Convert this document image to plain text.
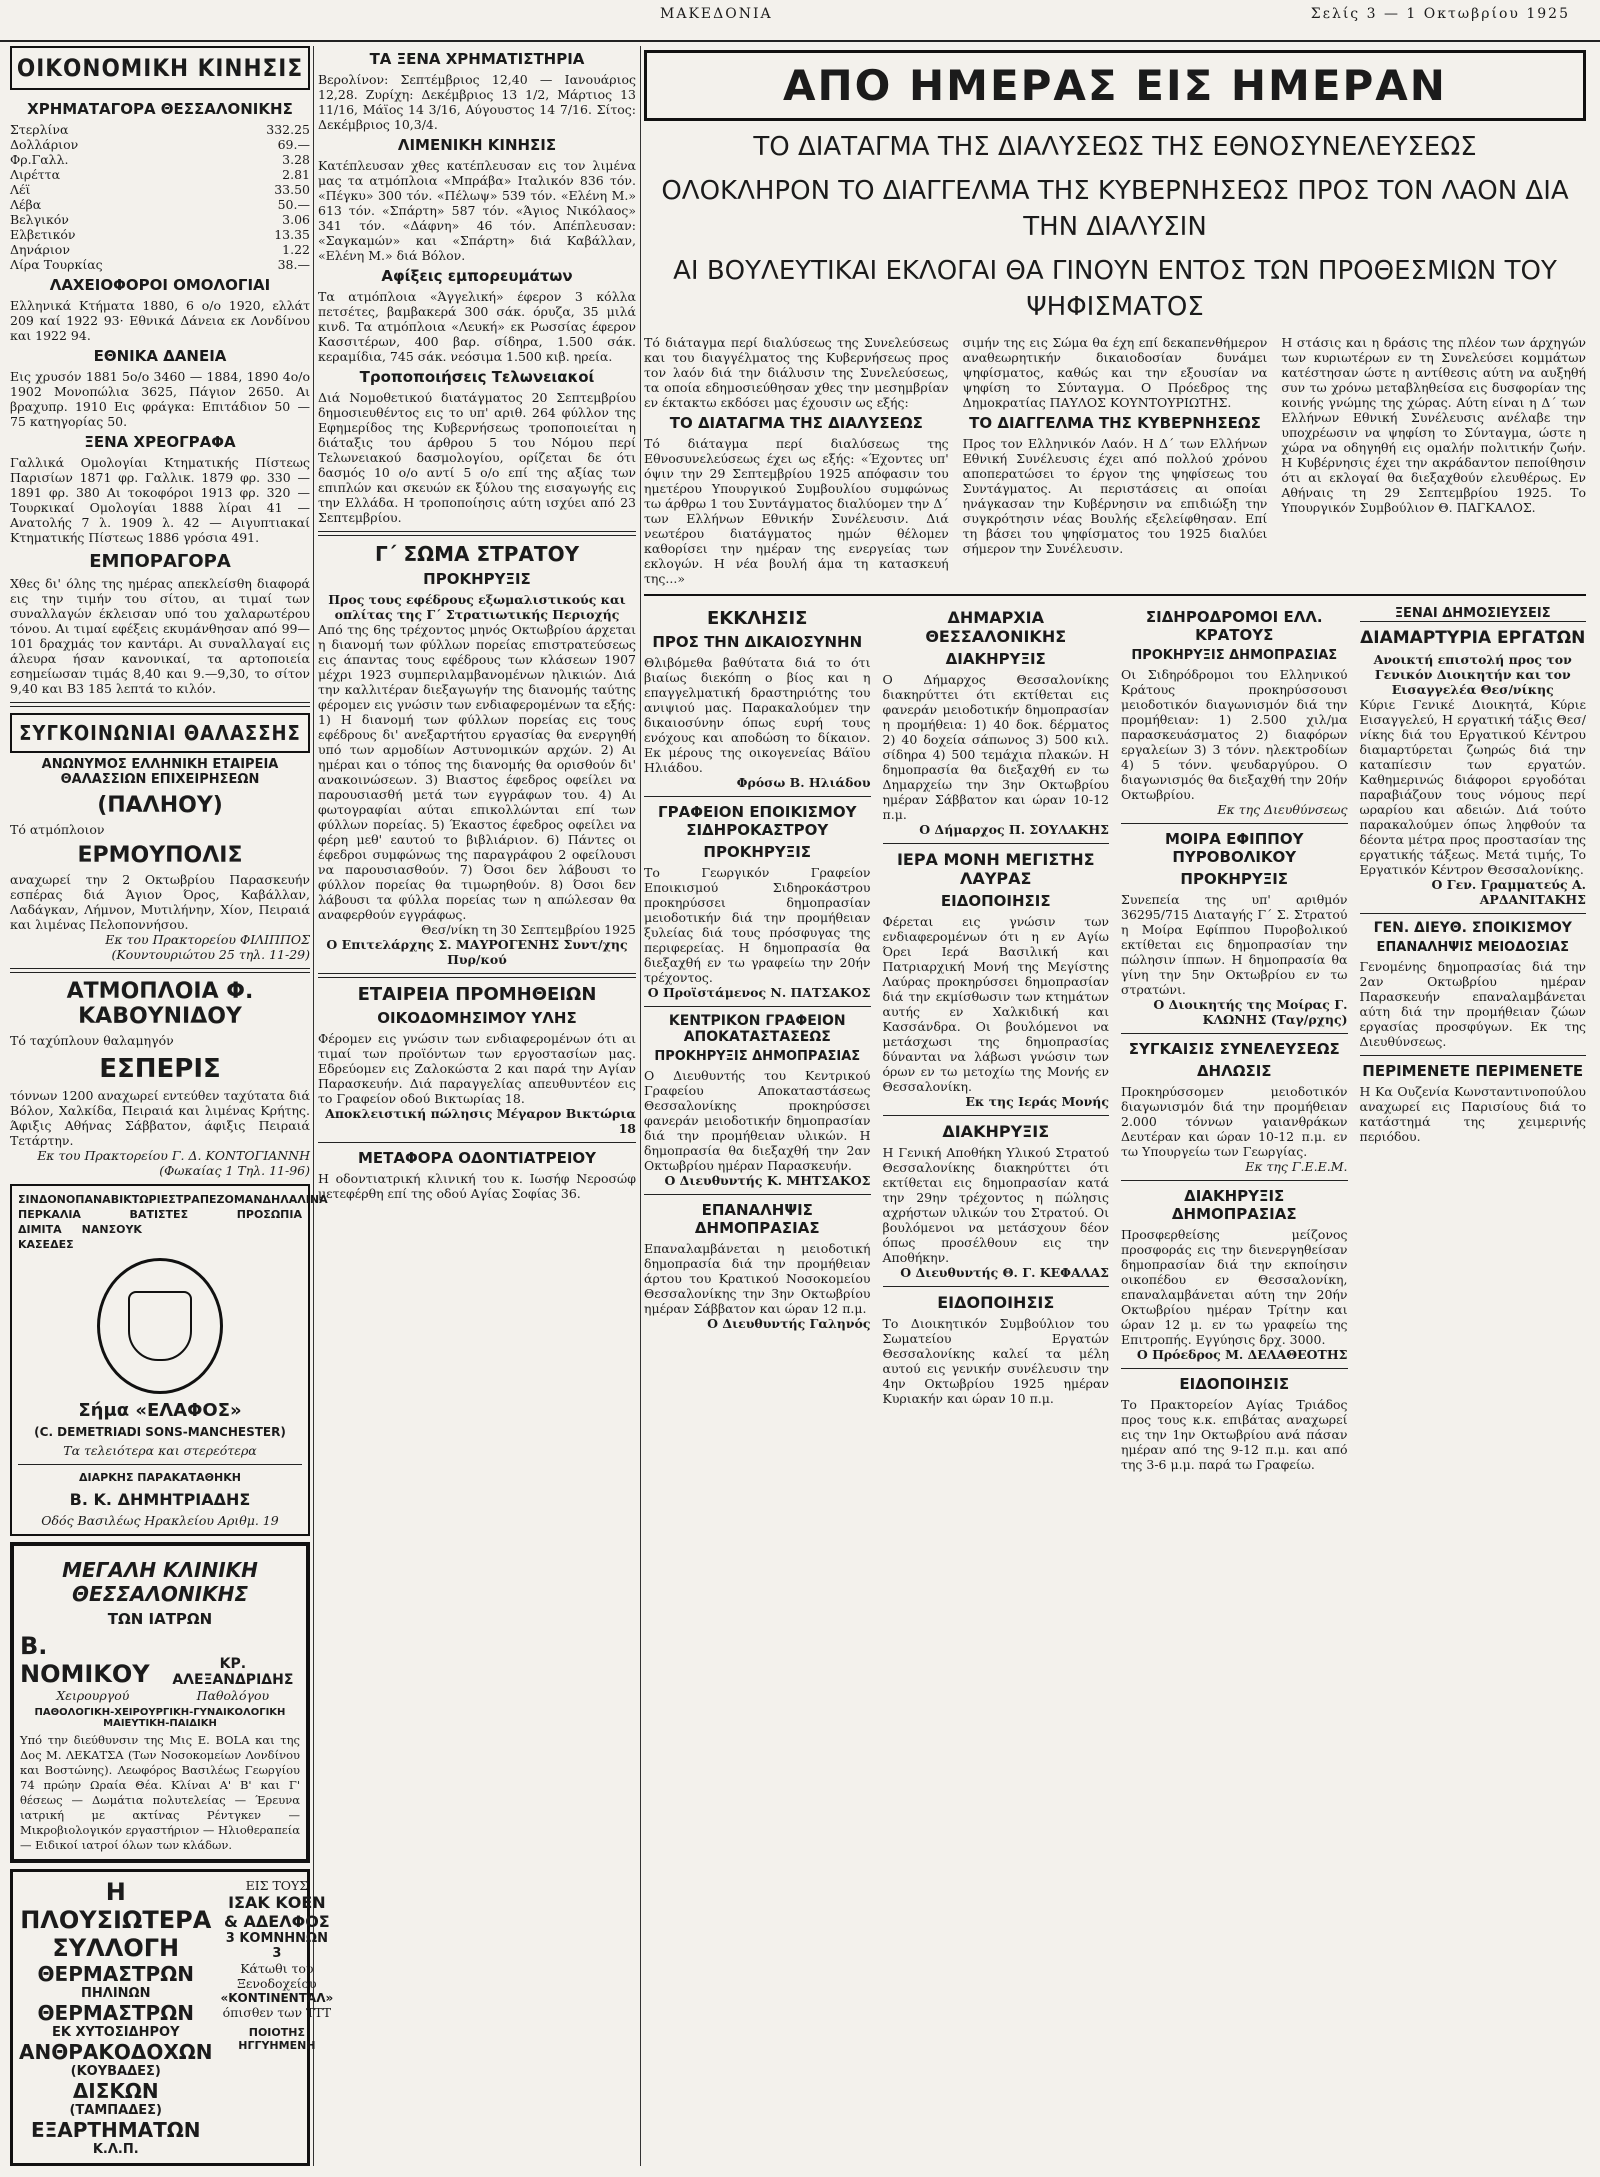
ΜΑΚΕΔΟΝΙΑ	Σελίς 3 — 1 Οκτωβρίου 1925
ΟΙΚΟΝΟΜΙΚΗ ΚΙΝΗΣΙΣ
ΧΡΗΜΑΤΑΓΟΡΑ ΘΕΣΣΑΛΟΝΙΚΗΣ
Στερλίνα	332.25
Δολλάριον	69.—
Φρ.Γαλλ.	3.28
Λιρέττα	2.81
Λέϊ	33.50
Λέβα	50.—
Βελγικόν	3.06
Ελβετικόν	13.35
Δηνάριον	1.22
Λίρα Τουρκίας	38.—
ΛΑΧΕΙΟΦΟΡΟΙ ΟΜΟΛΟΓΙΑΙ
Ελληνικά Κτήματα 1880, 6 ο/ο 1920, ελλάτ 209 καί 1922 93· Εθνικά Δάνεια εκ Λονδίνου και 1922 94.
ΕΘΝΙΚΑ ΔΑΝΕΙΑ
Εις χρυσόν 1881 5ο/ο 3460 — 1884, 1890 4ο/ο 1902 Μονοπώλια 3625, Πάγιον 2650. Αι βραχυπρ. 1910 Εις φράγκα: Επιτάδιον 50 — 75 κατηγορίας 50.
ΞΕΝΑ ΧΡΕΟΓΡΑΦΑ
Γαλλικά Ομολογίαι Κτηματικής Πίστεως Παρισίων 1871 φρ. Γαλλικ. 1879 φρ. 330 — 1891 φρ. 380 Αι τοκοφόροι 1913 φρ. 320 — Τουρκικαί Ομολογίαι 1888 λίραι 41 — Ανατολής 7 λ. 1909 λ. 42 — Αιγυπτιακαί Κτηματικής Πίστεως 1886 γρόσια 491.
ΕΜΠΟΡΑΓΟΡΑ
Χθες δι' όλης της ημέρας απεκλείσθη διαφορά εις την τιμήν του σίτου, αι τιμαί των συναλλαγών έκλεισαν υπό του χαλαρωτέρου τόνου. Αι τιμαί εφέξεις εκυμάνθησαν από 99—101 δραχμάς τον καντάρι. Αι συναλλαγαί εις άλευρα ήσαν κανονικαί, τα αρτοποιεία εσημείωσαν τιμάς 8,40 και 9.—9,30, το σίτον 9,40 και Β3 185 λεπτά το κιλόν.
ΣΥΓΚΟΙΝΩΝΙΑΙ ΘΑΛΑΣΣΗΣ
ΑΝΩΝΥΜΟΣ ΕΛΛΗΝΙΚΗ ΕΤΑΙΡΕΙΑ ΘΑΛΑΣΣΙΩΝ ΕΠΙΧΕΙΡΗΣΕΩΝ
(ΠΑΛΗΟΥ)
Τό ατμόπλοιον
ΕΡΜΟΥΠΟΛΙΣ
αναχωρεί την 2 Οκτωβρίου Παρασκευήν εσπέρας διά Άγιον Όρος, Καβάλλαν, Λαδάγκαν, Λήμνον, Μυτιλήνην, Χίον, Πειραιά και λιμένας Πελοποννήσου.
Εκ του Πρακτορείου ΦΙΛΙΠΠΟΣ (Κουντουριώτου 25 τηλ. 11-29)
ΑΤΜΟΠΛΟΙΑ Φ. ΚΑΒΟΥΝΙΔΟΥ
Τό ταχύπλουν θαλαμηγόν
ΕΣΠΕΡΙΣ
τόννων 1200 αναχωρεί εντεύθεν ταχύτατα διά Βόλον, Χαλκίδα, Πειραιά και λιμένας Κρήτης. Άφιξις Αθήνας Σάββατον, άφιξις Πειραιά Τετάρτην.
Εκ του Πρακτορείου Γ. Δ. ΚΟΝΤΟΓΙΑΝΝΗ (Φωκαίας 1 Τηλ. 11-96)
ΣΙΝΔΟΝΟΠΑΝΑ ΒΙΚΤΩΡΙΕΣ ΤΡΑΠΕΖΟΜΑΝΔΗΛΑ ΛΙΝΑ
ΠΕΡΚΑΛΙΑ	ΒΑΤΙΣΤΕΣ	ΠΡΟΣΩΠΙΑ
ΔΙΜΙΤΑ ΝΑΝΣΟΥΚ
ΚΑΣΕΔΕΣ
Σήμα «ΕΛΑΦΟΣ»
(C. DEMETRIADI SONS-MANCHESTER)
Τα τελειότερα και στερεότερα
ΔΙΑΡΚΗΣ ΠΑΡΑΚΑΤΑΘΗΚΗ
Β. Κ. ΔΗΜΗΤΡΙΑΔΗΣ
Οδός Βασιλέως Ηρακλείου Αριθμ. 19
ΜΕΓΑΛΗ ΚΛΙΝΙΚΗ ΘΕΣΣΑΛΟΝΙΚΗΣ
ΤΩΝ ΙΑΤΡΩΝ
Β. ΝΟΜΙΚΟΥ
Χειρουργού
ΚΡ. ΑΛΕΞΑΝΔΡΙΔΗΣ
Παθολόγου
ΠΑΘΟΛΟΓΙΚΗ-ΧΕΙΡΟΥΡΓΙΚΗ-ΓΥΝΑΙΚΟΛΟΓΙΚΗ ΜΑΙΕΥΤΙΚΗ-ΠΑΙΔΙΚΗ
Υπό την διεύθυνσιν της Μις Ε. BOLA και της Δος Μ. ΛΕΚΑΤΣΑ (Των Νοσοκομείων Λονδίνου και Βοστώνης). Λεωφόρος Βασιλέως Γεωργίου 74 πρώην Ωραία Θέα. Κλίναι Α' Β' και Γ' θέσεως — Δωμάτια πολυτελείας — Έρευνα ιατρική με ακτίνας Ρέντγκεν — Μικροβιολογικόν εργαστήριον — Ηλιοθεραπεία — Ειδικοί ιατροί όλων των κλάδων.
Η ΠΛΟΥΣΙΩΤΕΡΑ ΣΥΛΛΟΓΗ
ΘΕΡΜΑΣΤΡΩΝ
ΠΗΛΙΝΩΝ
ΘΕΡΜΑΣΤΡΩΝ
ΕΚ ΧΥΤΟΣΙΔΗΡΟΥ
ΑΝΘΡΑΚΟΔΟΧΩΝ
(ΚΟΥΒΑΔΕΣ)
ΔΙΣΚΩΝ
(ΤΑΜΠΑΔΕΣ)
ΕΞΑΡΤΗΜΑΤΩΝ
Κ.Λ.Π.
ΕΙΣ ΤΟΥΣ
ΙΣΑΚ ΚΟΕΝ & ΑΔΕΛΦΟΣ
3 ΚΟΜΝΗΝΩΝ 3
Κάτωθι του Ξενοδοχείου
«ΚΟΝΤΙΝΕΝΤΑΛ»
όπισθεν των ΤΤΤ
ΠΟΙΟΤΗΣ ΗΓΓΥΗΜΕΝΗ
ΤΑ ΞΕΝΑ ΧΡΗΜΑΤΙΣΤΗΡΙΑ
Βερολίνον: Σεπτέμβριος 12,40 — Ιανουάριος 12,28. Ζυρίχη: Δεκέμβριος 13 1/2, Μάρτιος 13 11/16, Μάϊος 14 3/16, Αύγουστος 14 7/16. Σίτος: Δεκέμβριος 10,3/4.
ΛΙΜΕΝΙΚΗ ΚΙΝΗΣΙΣ
Κατέπλευσαν χθες κατέπλευσαν εις τον λιμένα μας τα ατμόπλοια «Μπράβα» Ιταλικόν 836 τόν. «Πέγκυ» 300 τόν. «Πέλωψ» 539 τόν. «Ελένη Μ.» 613 τόν. «Σπάρτη» 587 τόν. «Άγιος Νικόλαος» 341 τόν. «Δάφνη» 46 τόν. Απέπλευσαν: «Σαγκαμών» και «Σπάρτη» διά Καβάλλαν, «Ελένη Μ.» διά Βόλον.
Αφίξεις εμπορευμάτων
Τα ατμόπλοια «Άγγελική» έφερον 3 κόλλα πετσέτες, βαμβακερά 300 σάκ. όρυζα, 35 μιλά κινδ. Τα ατμόπλοια «Λευκή» εκ Ρωσσίας έφερον Κασσιτέρων, 400 βαρ. σίδηρα, 1.500 σάκ. κεραμίδια, 745 σάκ. νεόσιμα 1.500 κιβ. ηρεία.
Τροποποιήσεις Τελωνειακοί
Διά Νομοθετικού διατάγματος 20 Σεπτεμβρίου δημοσιευθέντος εις το υπ' αριθ. 264 φύλλον της Εφημερίδος της Κυβερνήσεως τροποποιείται η διάταξις του άρθρου 5 του Νόμου περί Τελωνειακού δασμολογίου, ορίζεται δε ότι δασμός 10 ο/ο αντί 5 ο/ο επί της αξίας των επιπλών και σκευών εκ ξύλου της εισαγωγής εις την Ελλάδα. Η τροποποίησις αύτη ισχύει από 23 Σεπτεμβρίου.
Γ΄ ΣΩΜΑ ΣΤΡΑΤΟΥ
ΠΡΟΚΗΡΥΞΙΣ
Προς τους εφέδρους εξωμαλιστικούς και οπλίτας της Γ΄ Στρατιωτικής Περιοχής
Από της 6ης τρέχοντος μηνός Οκτωβρίου άρχεται η διανομή των φύλλων πορείας επιστρατεύσεως εις άπαντας τους εφέδρους των κλάσεων 1907 μέχρι 1923 συμπεριλαμβανομένων ηλικιών. Διά την καλλιτέραν διεξαγωγήν της διανομής ταύτης φέρομεν εις γνώσιν των ενδιαφερομένων τα εξής: 1) Η διανομή των φύλλων πορείας εις τους εφέδρους δι' ανεξαρτήτου εργασίας θα ενεργηθή υπό των αρμοδίων Αστυνομικών αρχών. 2) Αι ημέραι και ο τόπος της διανομής θα ορισθούν δι' ανακοινώσεων. 3) Βιαστος έφεδρος οφείλει να παρουσιασθή μετά των εγγράφων του. 4) Αι φωτογραφίαι αύται επικολλώνται επί των φύλλων πορείας. 5) Έκαστος έφεδρος οφείλει να φέρη μεθ' εαυτού το βιβλιάριον. 6) Πάντες οι έφεδροι συμφώνως της παραγράφου 2 οφείλουσι να παρουσιασθούν. 7) Όσοι δεν λάβουσι το φύλλον πορείας θα τιμωρηθούν. 8) Όσοι δεν λάβουσι τα φύλλα πορείας των η απώλεσαν θα αναφερθούν εγγράφως.
Θεσ/νίκη τη 30 Σεπτεμβρίου 1925
Ο Επιτελάρχης Σ. ΜΑΥΡΟΓΕΝΗΣ Συντ/χης Πυρ/κού
ΕΤΑΙΡΕΙΑ ΠΡΟΜΗΘΕΙΩΝ
ΟΙΚΟΔΟΜΗΣΙΜΟΥ ΥΛΗΣ
Φέρομεν εις γνώσιν των ενδιαφερομένων ότι αι τιμαί των προϊόντων των εργοστασίων μας. Εδρεύομεν εις Ζαλοκώστα 2 και παρά την Αγίαν Παρασκευήν. Διά παραγγελίας απευθυντέον εις το Γραφείον οδού Βικτωρίας 18.
Αποκλειστική πώλησις Μέγαρον Βικτώρια 18
ΜΕΤΑΦΟΡΑ ΟΔΟΝΤΙΑΤΡΕΙΟΥ
Η οδοντιατρική κλινική του κ. Ιωσήφ Νεροσώφ μετεφέρθη επί της οδού Αγίας Σοφίας 36.
ΑΠΟ ΗΜΕΡΑΣ ΕΙΣ ΗΜΕΡΑΝ
ΤΟ ΔΙΑΤΑΓΜΑ ΤΗΣ ΔΙΑΛΥΣΕΩΣ ΤΗΣ ΕΘΝΟΣΥΝΕΛΕΥΣΕΩΣ
ΟΛΟΚΛΗΡΟΝ ΤΟ ΔΙΑΓΓΕΛΜΑ ΤΗΣ ΚΥΒΕΡΝΗΣΕΩΣ ΠΡΟΣ ΤΟΝ ΛΑΟΝ ΔΙΑ ΤΗΝ ΔΙΑΛΥΣΙΝ
ΑΙ ΒΟΥΛΕΥΤΙΚΑΙ ΕΚΛΟΓΑΙ ΘΑ ΓΙΝΟΥΝ ΕΝΤΟΣ ΤΩΝ ΠΡΟΘΕΣΜΙΩΝ ΤΟΥ ΨΗΦΙΣΜΑΤΟΣ
Τό διάταγμα περί διαλύσεως της Συνελεύσεως και του διαγγέλματος της Κυβερνήσεως προς τον λαόν διά την διάλυσιν της Συνελεύσεως, τα οποία εδημοσιεύθησαν χθες την μεσημβρίαν εν έκτακτω εκδόσει μας έχουσιν ως εξής:
ΤΟ ΔΙΑΤΑΓΜΑ ΤΗΣ ΔΙΑΛΥΣΕΩΣ
Τό διάταγμα περί διαλύσεως της Εθνοσυνελεύσεως έχει ως εξής: «Έχοντες υπ' όψιν την 29 Σεπτεμβρίου 1925 απόφασιν του ημετέρου Υπουργικού Συμβουλίου συμφώνως τω άρθρω 1 του Συντάγματος διαλύομεν την Δ΄ των Ελλήνων Εθνικήν Συνέλευσιν. Διά νεωτέρου διατάγματος ημών θέλομεν καθορίσει την ημέραν της ενεργείας των εκλογών. Η νέα βουλή άμα τη κατασκευή της...»
σιμήν της εις Σώμα θα έχη επί δεκαπενθήμερον αναθεωρητικήν δικαιοδοσίαν δυνάμει ψηφίσματος, καθώς και την εξουσίαν να ψηφίση το Σύνταγμα. Ο Πρόεδρος της Δημοκρατίας ΠΑΥΛΟΣ ΚΟΥΝΤΟΥΡΙΩΤΗΣ.
ΤΟ ΔΙΑΓΓΕΛΜΑ ΤΗΣ ΚΥΒΕΡΝΗΣΕΩΣ
Προς τον Ελληνικόν Λαόν. Η Δ΄ των Ελλήνων Εθνική Συνέλευσις έχει από πολλού χρόνου αποπερατώσει το έργον της ψηφίσεως του Συντάγματος. Αι περιστάσεις αι οποίαι ηνάγκασαν την Κυβέρνησιν να επιδιώξη την συγκρότησιν νέας Βουλής εξελείφθησαν. Επί τη βάσει του ψηφίσματος του 1925 διαλύει σήμερον την Συνέλευσιν.
Η στάσις και η δράσις της πλέον των άρχηγών των κυριωτέρων εν τη Συνελεύσει κομμάτων κατέστησαν ώστε η αντίθεσις αύτη να αυξηθή συν τω χρόνω μεταβληθείσα εις δυσφορίαν της κοινής γνώμης της χώρας. Αύτη είναι η Δ΄ των Ελλήνων Εθνική Συνέλευσις ανέλαβε την υποχρέωσιν να ψηφίση το Σύνταγμα, ώστε η χώρα να οδηγηθή εις ομαλήν πολιτικήν ζωήν. Η Κυβέρνησις έχει την ακράδαντον πεποίθησιν ότι αι εκλογαί θα διεξαχθούν ελευθέρως. Εν Αθήναις τη 29 Σεπτεμβρίου 1925. Το Υπουργικόν Συμβούλιον Θ. ΠΑΓΚΑΛΟΣ.
ΕΚΚΛΗΣΙΣ
ΠΡΟΣ ΤΗΝ ΔΙΚΑΙΟΣΥΝΗΝ
Θλιβόμεθα βαθύτατα διά το ότι βιαίως διεκόπη ο βίος και η επαγγελματική δραστηριότης του ανιψιού μας. Παρακαλούμεν την δικαιοσύνην όπως ευρή τους ενόχους και αποδώση το δίκαιον. Εκ μέρους της οικογενείας Βάϊου Ηλιάδου.
Φρόσω Β. Ηλιάδου
ΓΡΑΦΕΙΟΝ ΕΠΟΙΚΙΣΜΟΥ ΣΙΔΗΡΟΚΑΣΤΡΟΥ
ΠΡΟΚΗΡΥΞΙΣ
Το Γεωργικόν Γραφείον Εποικισμού Σιδηροκάστρου προκηρύσσει δημοπρασίαν μειοδοτικήν διά την προμήθειαν ξυλείας διά τους πρόσφυγας της περιφερείας. Η δημοπρασία θα διεξαχθή εν τω γραφείω την 20ήν τρέχοντος.
Ο Προϊστάμενος Ν. ΠΑΤΣΑΚΟΣ
ΚΕΝΤΡΙΚΟΝ ΓΡΑΦΕΙΟΝ ΑΠΟΚΑΤΑΣΤΑΣΕΩΣ
ΠΡΟΚΗΡΥΞΙΣ ΔΗΜΟΠΡΑΣΙΑΣ
Ο Διευθυντής του Κεντρικού Γραφείου Αποκαταστάσεως Θεσσαλονίκης προκηρύσσει φανεράν μειοδοτικήν δημοπρασίαν διά την προμήθειαν υλικών. Η δημοπρασία θα διεξαχθή την 2αν Οκτωβρίου ημέραν Παρασκευήν.
Ο Διευθυντής Κ. ΜΗΤΣΑΚΟΣ
ΕΠΑΝΑΛΗΨΙΣ ΔΗΜΟΠΡΑΣΙΑΣ
Επαναλαμβάνεται η μειοδοτική δημοπρασία διά την προμήθειαν άρτου του Κρατικού Νοσοκομείου Θεσσαλονίκης την 3ην Οκτωβρίου ημέραν Σάββατον και ώραν 12 π.μ.
Ο Διευθυντής Γαληνός
ΔΗΜΑΡΧΙΑ ΘΕΣΣΑΛΟΝΙΚΗΣ
ΔΙΑΚΗΡΥΞΙΣ
Ο Δήμαρχος Θεσσαλονίκης διακηρύττει ότι εκτίθεται εις φανεράν μειοδοτικήν δημοπρασίαν η προμήθεια: 1) 40 δοκ. δέρματος 2) 40 δοχεία σάπωνος 3) 500 κιλ. σίδηρα 4) 500 τεμάχια πλακών. Η δημοπρασία θα διεξαχθή εν τω Δημαρχείω την 3ην Οκτωβρίου ημέραν Σάββατον και ώραν 10-12 π.μ.
Ο Δήμαρχος Π. ΣΟΥΛΑΚΗΣ
ΙΕΡΑ ΜΟΝΗ ΜΕΓΙΣΤΗΣ ΛΑΥΡΑΣ
ΕΙΔΟΠΟΙΗΣΙΣ
Φέρεται εις γνώσιν των ενδιαφερομένων ότι η εν Αγίω Όρει Ιερά Βασιλική και Πατριαρχική Μονή της Μεγίστης Λαύρας προκηρύσσει δημοπρασίαν διά την εκμίσθωσιν των κτημάτων αυτής εν Χαλκιδική και Κασσάνδρα. Οι βουλόμενοι να μετάσχωσι της δημοπρασίας δύνανται να λάβωσι γνώσιν των όρων εν τω μετοχίω της Μονής εν Θεσσαλονίκη.
Εκ της Ιεράς Μονής
ΔΙΑΚΗΡΥΞΙΣ
Η Γενική Αποθήκη Υλικού Στρατού Θεσσαλονίκης διακηρύττει ότι εκτίθεται εις δημοπρασίαν κατά την 29ην τρέχοντος η πώλησις αχρήστων υλικών του Στρατού. Οι βουλόμενοι να μετάσχουν δέον όπως προσέλθουν εις την Αποθήκην.
Ο Διευθυντής Θ. Γ. ΚΕΦΑΛΑΣ
ΕΙΔΟΠΟΙΗΣΙΣ
Το Διοικητικόν Συμβούλιον του Σωματείου Εργατών Θεσσαλονίκης καλεί τα μέλη αυτού εις γενικήν συνέλευσιν την 4ην Οκτωβρίου 1925 ημέραν Κυριακήν και ώραν 10 π.μ.
ΣΙΔΗΡΟΔΡΟΜΟΙ ΕΛΛ. ΚΡΑΤΟΥΣ
ΠΡΟΚΗΡΥΞΙΣ ΔΗΜΟΠΡΑΣΙΑΣ
Οι Σιδηρόδρομοι του Ελληνικού Κράτους προκηρύσσουσι μειοδοτικόν διαγωνισμόν διά την προμήθειαν: 1) 2.500 χιλ/μα παρασκευάσματος 2) διαφόρων εργαλείων 3) 3 τόνν. ηλεκτροδίων 4) 5 τόνν. ψευδαργύρου. Ο διαγωνισμός θα διεξαχθή την 20ήν Οκτωβρίου.
Εκ της Διευθύνσεως
ΜΟΙΡΑ ΕΦΙΠΠΟΥ ΠΥΡΟΒΟΛΙΚΟΥ
ΠΡΟΚΗΡΥΞΙΣ
Συνεπεία της υπ' αριθμόν 36295/715 Διαταγής Γ΄ Σ. Στρατού η Μοίρα Εφίππου Πυροβολικού εκτίθεται εις δημοπρασίαν την πώλησιν ίππων. Η δημοπρασία θα γίνη την 5ην Οκτωβρίου εν τω στρατώνι.
Ο Διοικητής της Μοίρας Γ. ΚΛΩΝΗΣ (Ταγ/ρχης)
ΣΥΓΚΑΙΣΙΣ ΣΥΝΕΛΕΥΣΕΩΣ
ΔΗΛΩΣΙΣ
Προκηρύσσομεν μειοδοτικόν διαγωνισμόν διά την προμήθειαν 2.000 τόννων γαιανθράκων Δευτέραν και ώραν 10-12 π.μ. εν τω Υπουργείω των Γεωργίας.
Εκ της Γ.Ε.Ε.Μ.
ΔΙΑΚΗΡΥΞΙΣ ΔΗΜΟΠΡΑΣΙΑΣ
Προσφερθείσης μείζονος προσφοράς εις την διενεργηθείσαν δημοπρασίαν διά την εκποίησιν οικοπέδου εν Θεσσαλονίκη, επαναλαμβάνεται αύτη την 20ήν Οκτωβρίου ημέραν Τρίτην και ώραν 12 μ. εν τω γραφείω της Επιτροπής. Εγγύησις δρχ. 3000.
Ο Πρόεδρος Μ. ΔΕΛΑΘΕΟΤΗΣ
ΕΙΔΟΠΟΙΗΣΙΣ
Το Πρακτορείον Αγίας Τριάδος προς τους κ.κ. επιβάτας αναχωρεί εις την 1ην Οκτωβρίου ανά πάσαν ημέραν από της 9-12 π.μ. και από της 3-6 μ.μ. παρά τω Γραφείω.
ΞΕΝΑΙ ΔΗΜΟΣΙΕΥΣΕΙΣ
ΔΙΑΜΑΡΤΥΡΙΑ ΕΡΓΑΤΩΝ
Ανοικτή επιστολή προς τον Γενικόν Διοικητήν και τον Εισαγγελέα Θεσ/νίκης
Κύριε Γενικέ Διοικητά, Κύριε Εισαγγελεύ, Η εργατική τάξις Θεσ/νίκης διά του Εργατικού Κέντρου διαμαρτύρεται ζωηρώς διά την καταπίεσιν των εργατών. Καθημερινώς διάφοροι εργοδόται παραβιάζουν τους νόμους περί ωραρίου και αδειών. Διά τούτο παρακαλούμεν όπως ληφθούν τα δέοντα μέτρα προς προστασίαν της εργατικής τάξεως. Μετά τιμής, Το Εργατικόν Κέντρον Θεσσαλονίκης.
Ο Γεν. Γραμματεύς Α. ΑΡΔΑΝΙΤΑΚΗΣ
ΓΕΝ. ΔΙΕΥΘ. ΣΠΟΙΚΙΣΜΟΥ
ΕΠΑΝΑΛΗΨΙΣ ΜΕΙΟΔΟΣΙΑΣ
Γενομένης δημοπρασίας διά την 2αν Οκτωβρίου ημέραν Παρασκευήν επαναλαμβάνεται αύτη διά την προμήθειαν ζώων εργασίας προσφύγων. Εκ της Διευθύνσεως.
ΠΕΡΙΜΕΝΕΤΕ ΠΕΡΙΜΕΝΕΤΕ
Η Κα Ουζενία Κωνσταντινοπούλου αναχωρεί εις Παρισίους διά το κατάστημά της χειμερινής περιόδου.
